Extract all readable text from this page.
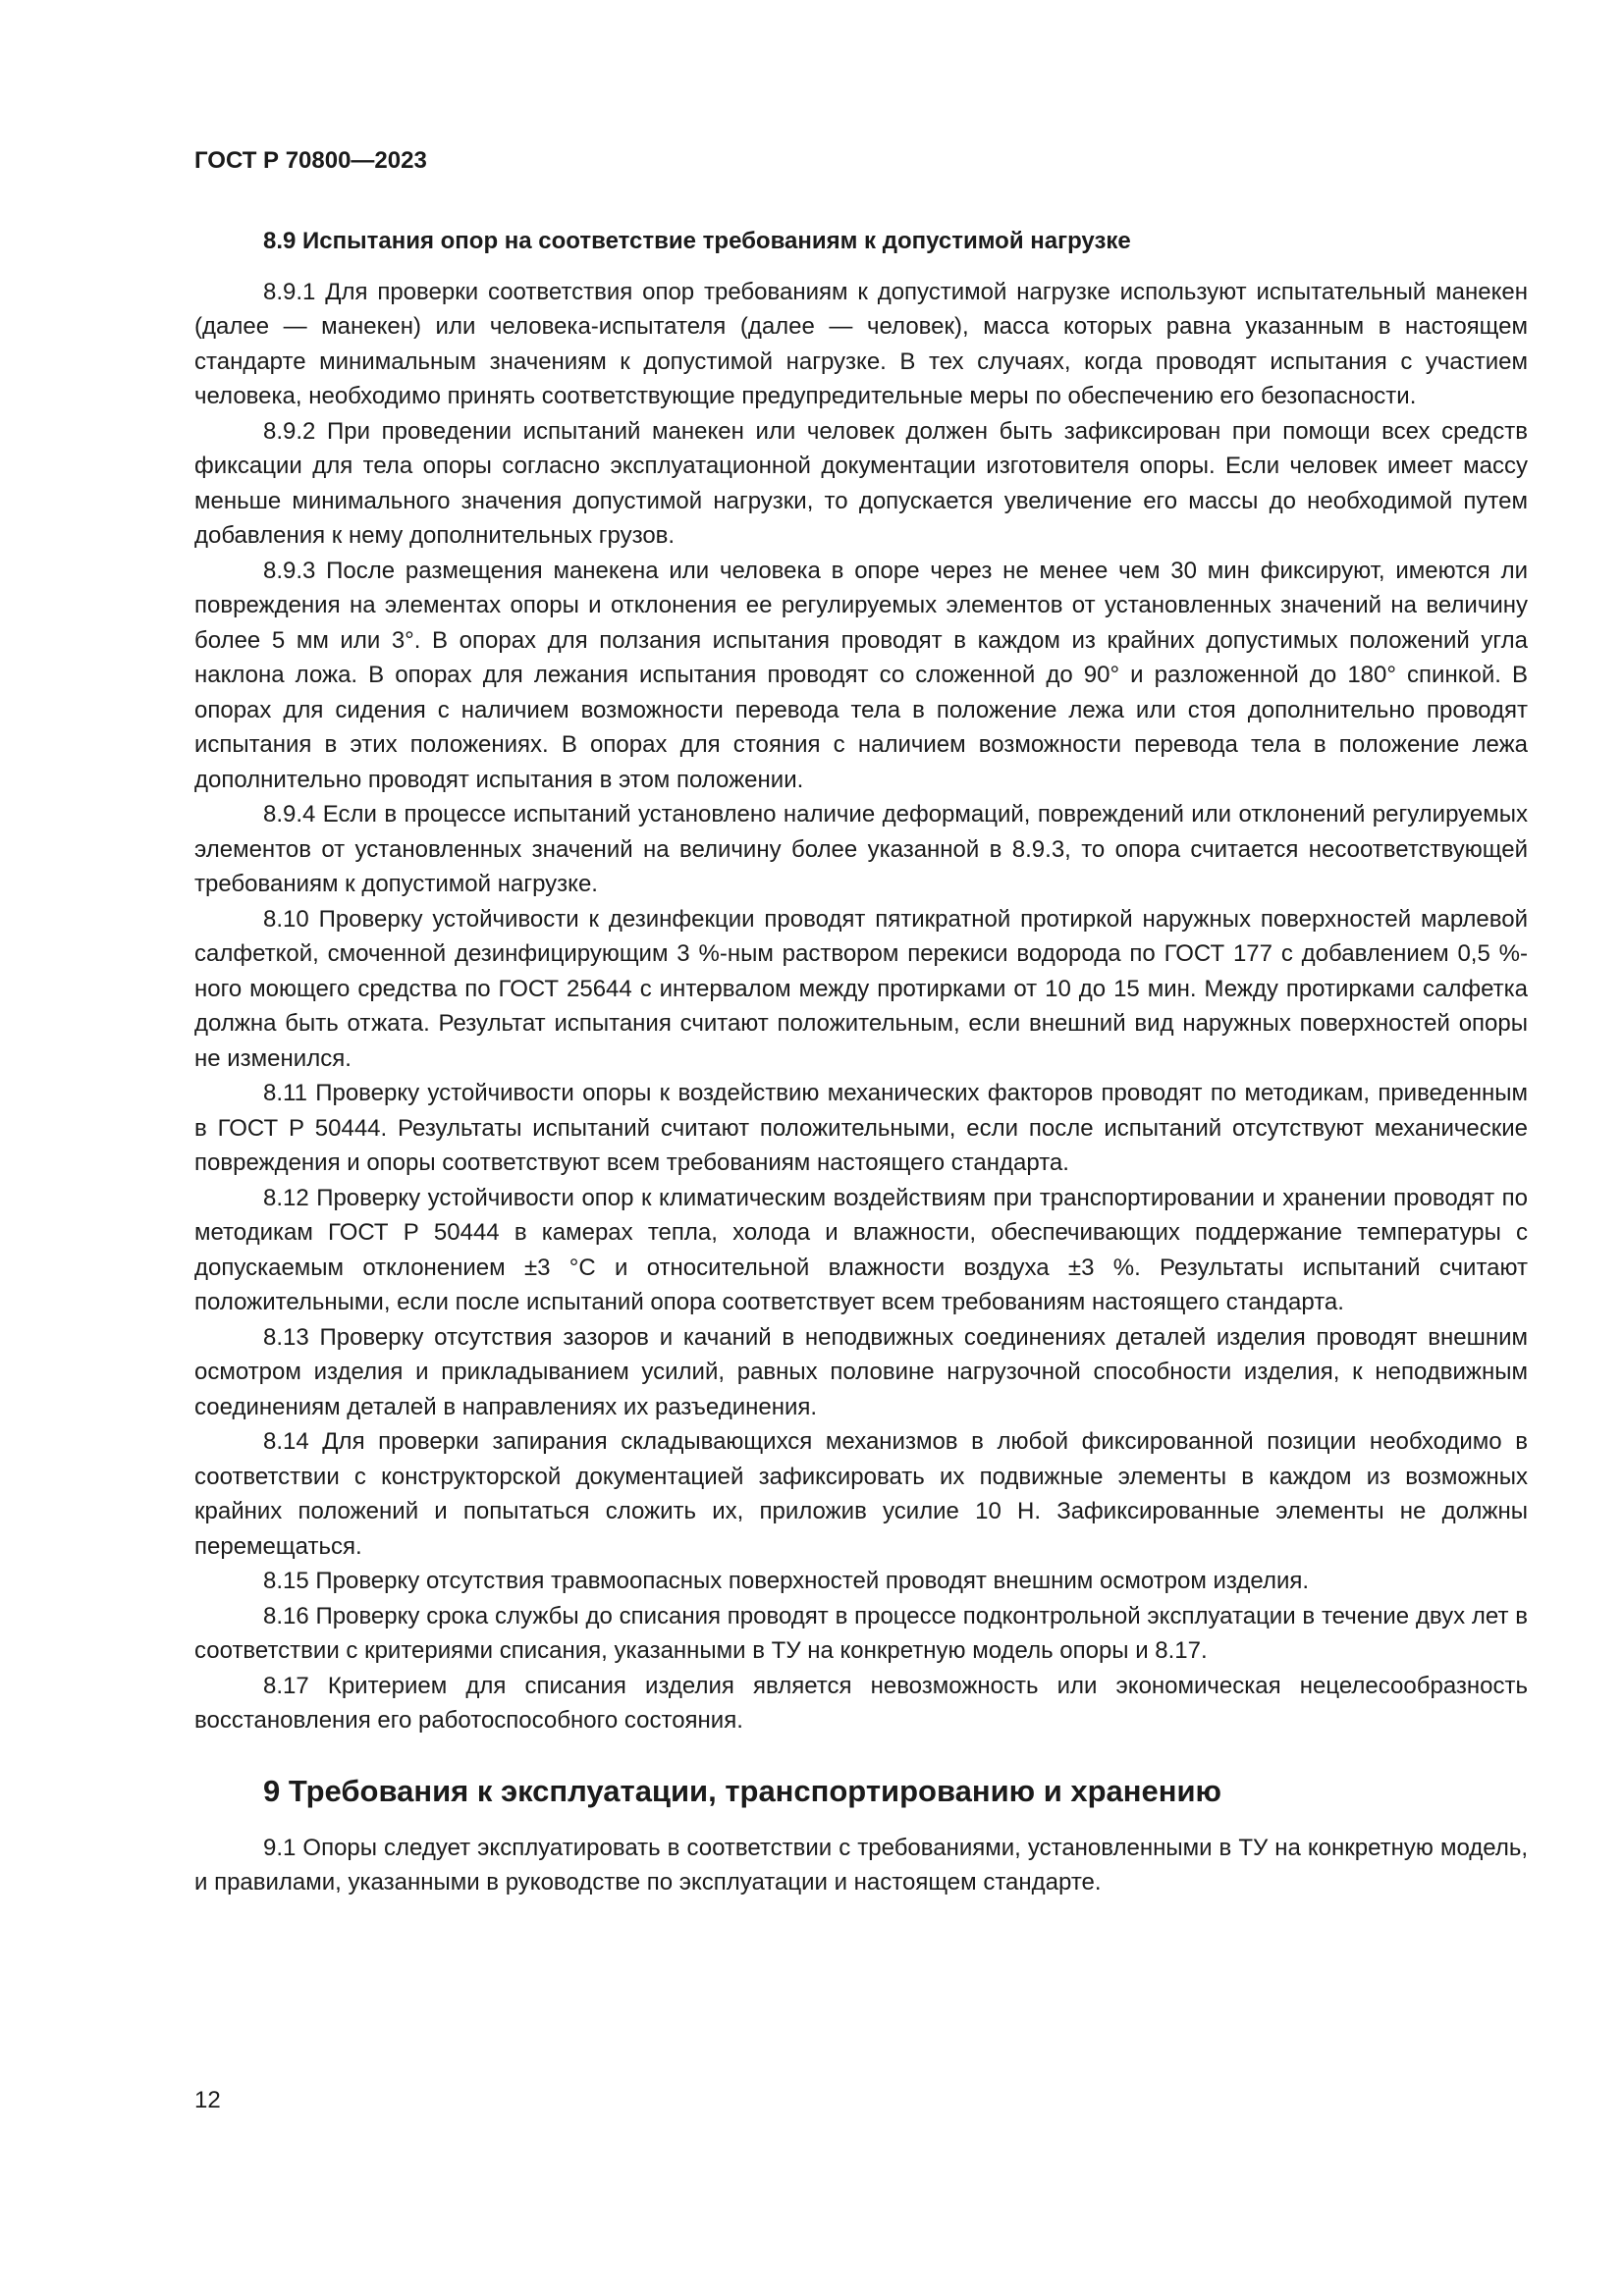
ГОСТ Р 70800—2023
8.9 Испытания опор на соответствие требованиям к допустимой нагрузке

8.9.1 Для проверки соответствия опор требованиям к допустимой нагрузке используют испытательный манекен (далее — манекен) или человека-испытателя (далее — человек), масса которых равна указанным в настоящем стандарте минимальным значениям к допустимой нагрузке. В тех случаях, когда проводят испытания с участием человека, необходимо принять соответствующие предупредительные меры по обеспечению его безопасности.

8.9.2 При проведении испытаний манекен или человек должен быть зафиксирован при помощи всех средств фиксации для тела опоры согласно эксплуатационной документации изготовителя опоры. Если человек имеет массу меньше минимального значения допустимой нагрузки, то допускается увеличение его массы до необходимой путем добавления к нему дополнительных грузов.

8.9.3 После размещения манекена или человека в опоре через не менее чем 30 мин фиксируют, имеются ли повреждения на элементах опоры и отклонения ее регулируемых элементов от установленных значений на величину более 5 мм или 3°. В опорах для ползания испытания проводят в каждом из крайних допустимых положений угла наклона ложа. В опорах для лежания испытания проводят со сложенной до 90° и разложенной до 180° спинкой. В опорах для сидения с наличием возможности перевода тела в положение лежа или стоя дополнительно проводят испытания в этих положениях. В опорах для стояния с наличием возможности перевода тела в положение лежа дополнительно проводят испытания в этом положении.

8.9.4 Если в процессе испытаний установлено наличие деформаций, повреждений или отклонений регулируемых элементов от установленных значений на величину более указанной в 8.9.3, то опора считается несоответствующей требованиям к допустимой нагрузке.

8.10 Проверку устойчивости к дезинфекции проводят пятикратной протиркой наружных поверхностей марлевой салфеткой, смоченной дезинфицирующим 3 %-ным раствором перекиси водорода по ГОСТ 177 с добавлением 0,5 %-ного моющего средства по ГОСТ 25644 с интервалом между протирками от 10 до 15 мин. Между протирками салфетка должна быть отжата. Результат испытания считают положительным, если внешний вид наружных поверхностей опоры не изменился.

8.11 Проверку устойчивости опоры к воздействию механических факторов проводят по методикам, приведенным в ГОСТ Р 50444. Результаты испытаний считают положительными, если после испытаний отсутствуют механические повреждения и опоры соответствуют всем требованиям настоящего стандарта.

8.12 Проверку устойчивости опор к климатическим воздействиям при транспортировании и хранении проводят по методикам ГОСТ Р 50444 в камерах тепла, холода и влажности, обеспечивающих поддержание температуры с допускаемым отклонением ±3 °С и относительной влажности воздуха ±3 %. Результаты испытаний считают положительными, если после испытаний опора соответствует всем требованиям настоящего стандарта.

8.13 Проверку отсутствия зазоров и качаний в неподвижных соединениях деталей изделия проводят внешним осмотром изделия и прикладыванием усилий, равных половине нагрузочной способности изделия, к неподвижным соединениям деталей в направлениях их разъединения.

8.14 Для проверки запирания складывающихся механизмов в любой фиксированной позиции необходимо в соответствии с конструкторской документацией зафиксировать их подвижные элементы в каждом из возможных крайних положений и попытаться сложить их, приложив усилие 10 Н. Зафиксированные элементы не должны перемещаться.

8.15 Проверку отсутствия травмоопасных поверхностей проводят внешним осмотром изделия.

8.16 Проверку срока службы до списания проводят в процессе подконтрольной эксплуатации в течение двух лет в соответствии с критериями списания, указанными в ТУ на конкретную модель опоры и 8.17.

8.17 Критерием для списания изделия является невозможность или экономическая нецелесообразность восстановления его работоспособного состояния.

9 Требования к эксплуатации, транспортированию и хранению

9.1 Опоры следует эксплуатировать в соответствии с требованиями, установленными в ТУ на конкретную модель, и правилами, указанными в руководстве по эксплуатации и настоящем стандарте.

12
